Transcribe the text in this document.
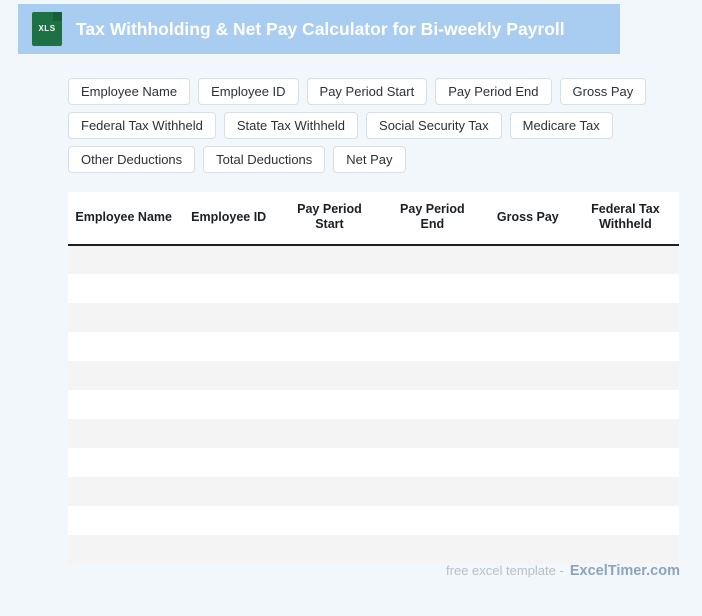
XLS	Tax Withholding & Net Pay Calculator for Bi-weekly Payroll
Employee Name	Employee ID	Pay Period Start	Pay Period End	Gross Pay
Federal Tax Withheld	State Tax Withheld	Social Security Tax	Medicare Tax
Other Deductions	Total Deductions	Net Pay
Employee Name	Employee ID	Pay Period Start	Pay Period End	Gross Pay	Federal Tax Withheld

free excel template - ExcelTimer.com
